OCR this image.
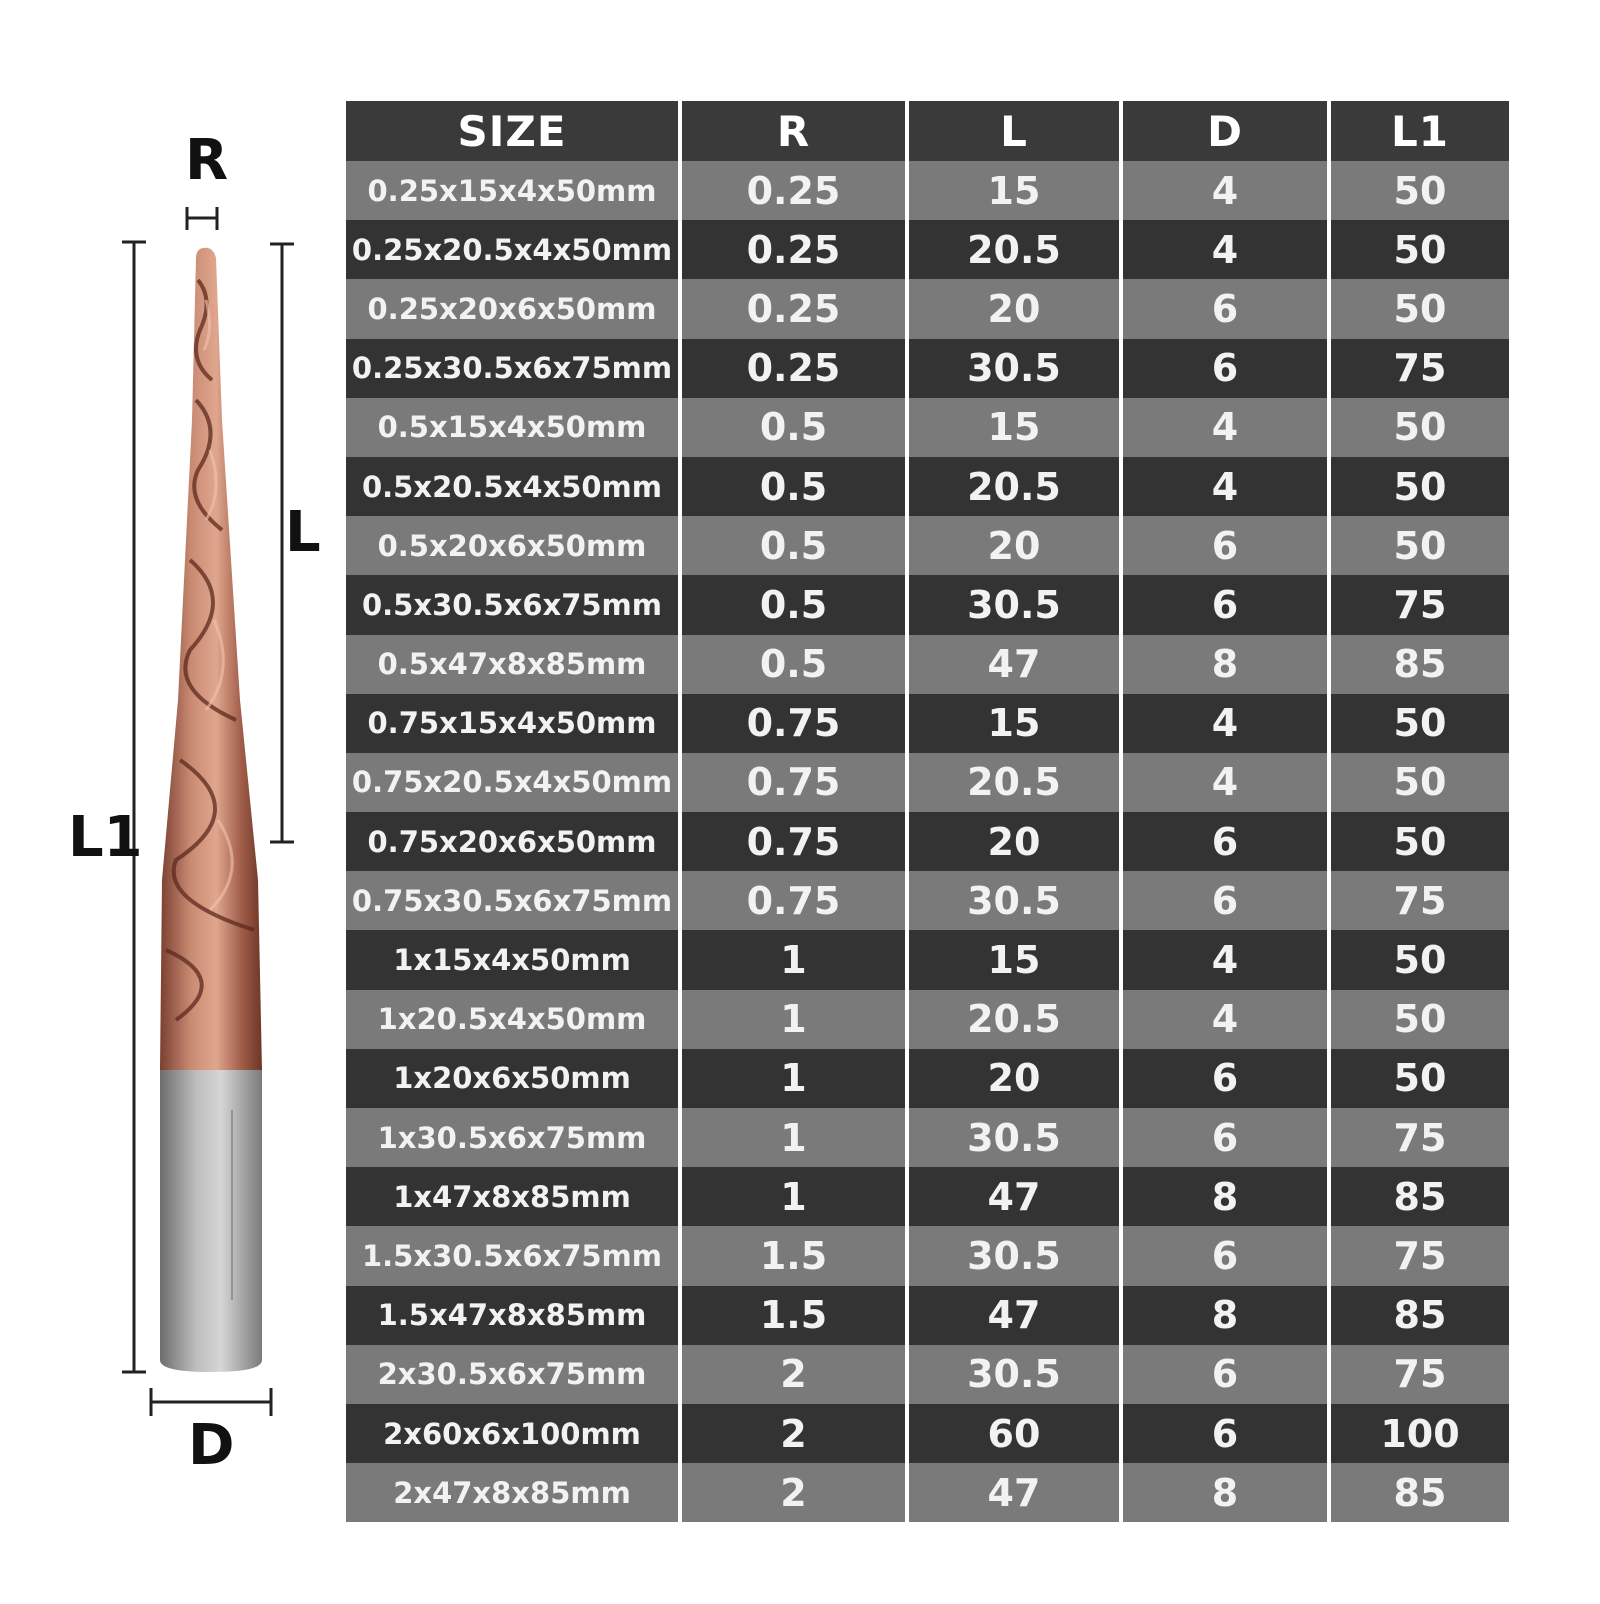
R
L
L1
D
SIZE	R	L	D	L1
0.25x15x4x50mm	0.25	15	4	50
0.25x20.5x4x50mm	0.25	20.5	4	50
0.25x20x6x50mm	0.25	20	6	50
0.25x30.5x6x75mm	0.25	30.5	6	75
0.5x15x4x50mm	0.5	15	4	50
0.5x20.5x4x50mm	0.5	20.5	4	50
0.5x20x6x50mm	0.5	20	6	50
0.5x30.5x6x75mm	0.5	30.5	6	75
0.5x47x8x85mm	0.5	47	8	85
0.75x15x4x50mm	0.75	15	4	50
0.75x20.5x4x50mm	0.75	20.5	4	50
0.75x20x6x50mm	0.75	20	6	50
0.75x30.5x6x75mm	0.75	30.5	6	75
1x15x4x50mm	1	15	4	50
1x20.5x4x50mm	1	20.5	4	50
1x20x6x50mm	1	20	6	50
1x30.5x6x75mm	1	30.5	6	75
1x47x8x85mm	1	47	8	85
1.5x30.5x6x75mm	1.5	30.5	6	75
1.5x47x8x85mm	1.5	47	8	85
2x30.5x6x75mm	2	30.5	6	75
2x60x6x100mm	2	60	6	100
2x47x8x85mm	2	47	8	85
